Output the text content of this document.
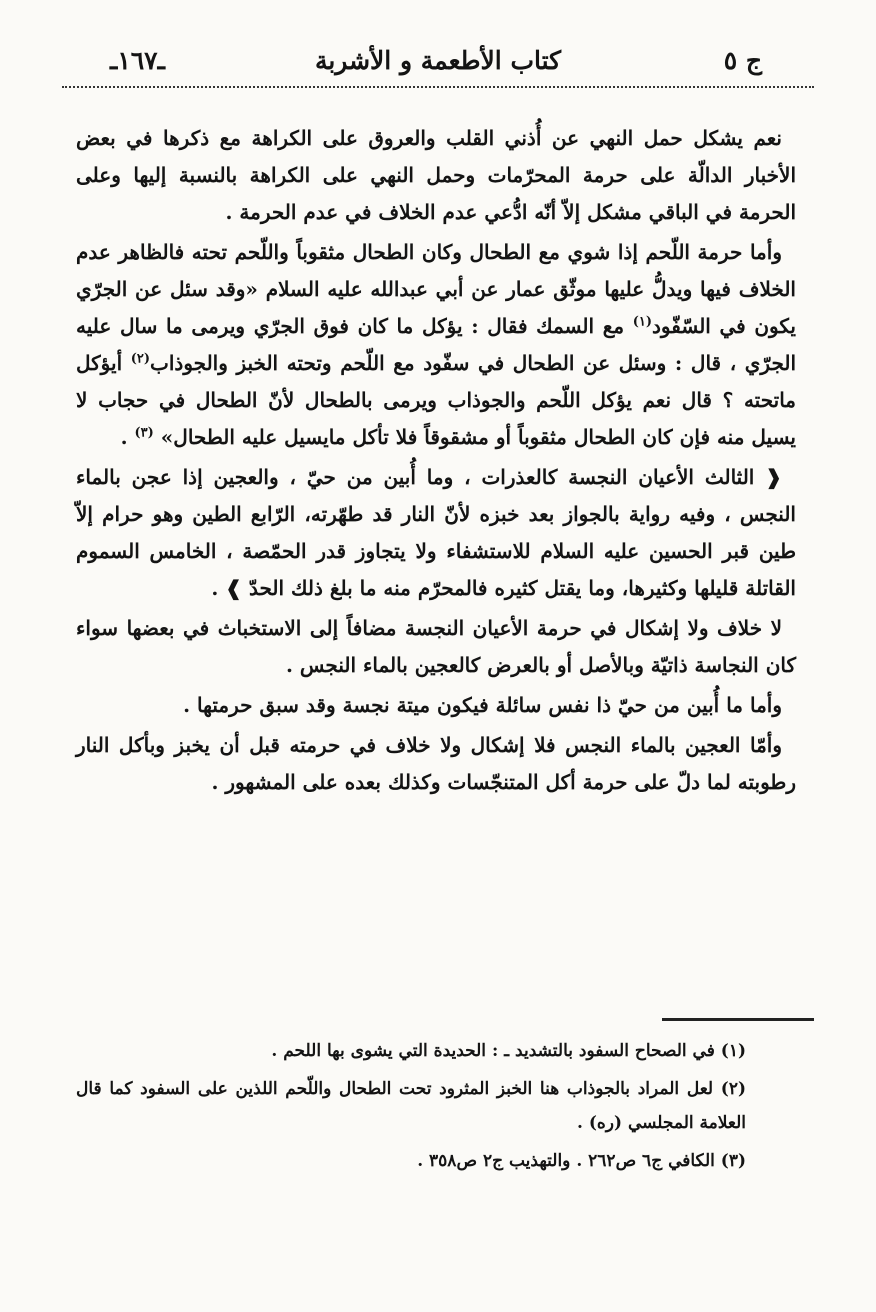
ج ٥
كتاب الأطعمة و الأشربة
ـ١٦٧ـ

نعم يشكل حمل النهي عن أُذني القلب والعروق على الكراهة مع ذكرها في بعض الأخبار الدالّة على حرمة المحرّمات وحمل النهي على الكراهة بالنسبة إليها وعلى الحرمة في الباقي مشكل إلاّ أنّه ادُّعي عدم الخلاف في عدم الحرمة .

وأما حرمة اللّحم إذا شوي مع الطحال وكان الطحال مثقوباً واللّحم تحته فالظاهر عدم الخلاف فيها ويدلُّ عليها موثّق عمار عن أبي عبدالله عليه السلام «وقد سئل عن الجرّي يكون في السّفّود$^{(١)}$ مع السمك فقال : يؤكل ما كان فوق الجرّي ويرمى ما سال عليه الجرّي ، قال : وسئل عن الطحال في سفّود مع اللّحم وتحته الخبز والجوذاب$^{(٢)}$ أيؤكل ماتحته ؟ قال نعم يؤكل اللّحم والجوذاب ويرمى بالطحال لأنّ الطحال في حجاب لا يسيل منه فإن كان الطحال مثقوباً أو مشقوقاً فلا تأكل مايسيل عليه الطحال» $^{(٣)}$ .

❰ الثالث الأعيان النجسة كالعذرات ، وما أُبين من حيّ ، والعجين إذا عجن بالماء النجس ، وفيه رواية بالجواز بعد خبزه لأنّ النار قد طهّرته، الرّابع الطين وهو حرام إلاّ طين قبر الحسين عليه السلام للاستشفاء ولا يتجاوز قدر الحمّصة ، الخامس السموم القاتلة قليلها وكثيرها، وما يقتل كثيره فالمحرّم منه ما بلغ ذلك الحدّ ❱ .

لا خلاف ولا إشكال في حرمة الأعيان النجسة مضافاً إلى الاستخباث في بعضها سواء كان النجاسة ذاتيّة وبالأصل أو بالعرض كالعجين بالماء النجس .

وأما ما أُبين من حيّ ذا نفس سائلة فيكون ميتة نجسة وقد سبق حرمتها .

وأمّا العجين بالماء النجس فلا إشكال ولا خلاف في حرمته قبل أن يخبز وبأكل النار رطوبته لما دلّ على حرمة أكل المتنجّسات وكذلك بعده على المشهور .

(١) في الصحاح السفود بالتشديد ـ : الحديدة التي يشوى بها اللحم .

(٢) لعل المراد بالجوذاب هنا الخبز المثرود تحت الطحال واللّحم اللذين على السفود كما قال العلامة المجلسي (ره) .

(٣) الكافي ج٦ ص٢٦٢ . والتهذيب ج٢ ص٣٥٨ .
